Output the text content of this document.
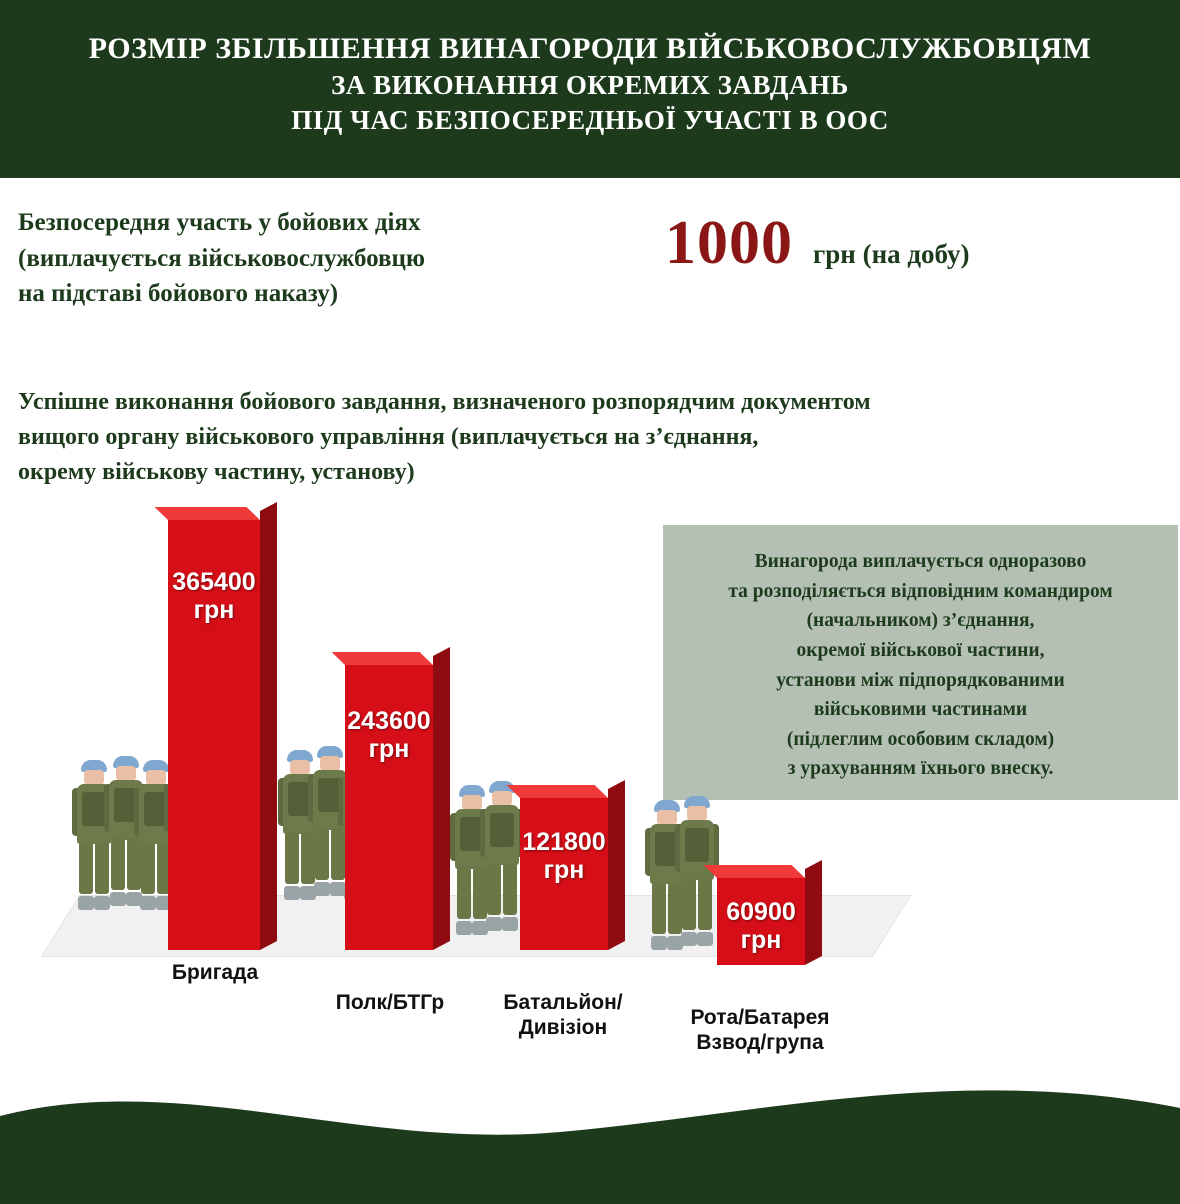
РОЗМІР ЗБІЛЬШЕННЯ ВИНАГОРОДИ ВІЙСЬКОВОСЛУЖБОВЦЯМ
ЗА ВИКОНАННЯ ОКРЕМИХ ЗАВДАНЬ
ПІД ЧАС БЕЗПОСЕРЕДНЬОЇ УЧАСТІ В ООС

Безпосередня участь у бойових діях

(виплачується військовослужбовцю

на підставі бойового наказу)

1000 грн (на добу)

Успішне виконання бойового завдання, визначеного розпорядчим документом

вищого органу військового управління (виплачується на з’єднання,

окрему військову частину, установу)

Винагорода виплачується одноразово

та розподіляється відповідним командиром

(начальником) з’єднання,

окремої військової частини,

установи між підпорядкованими

військовими частинами

(підлеглим особовим складом)

з урахуванням їхнього внеску.

365400
грн
Бригада
243600
грн
Полк/БТГр
121800
грн
Батальйон/
Дивізіон
60900
грн
Рота/Батарея
Взвод/група
